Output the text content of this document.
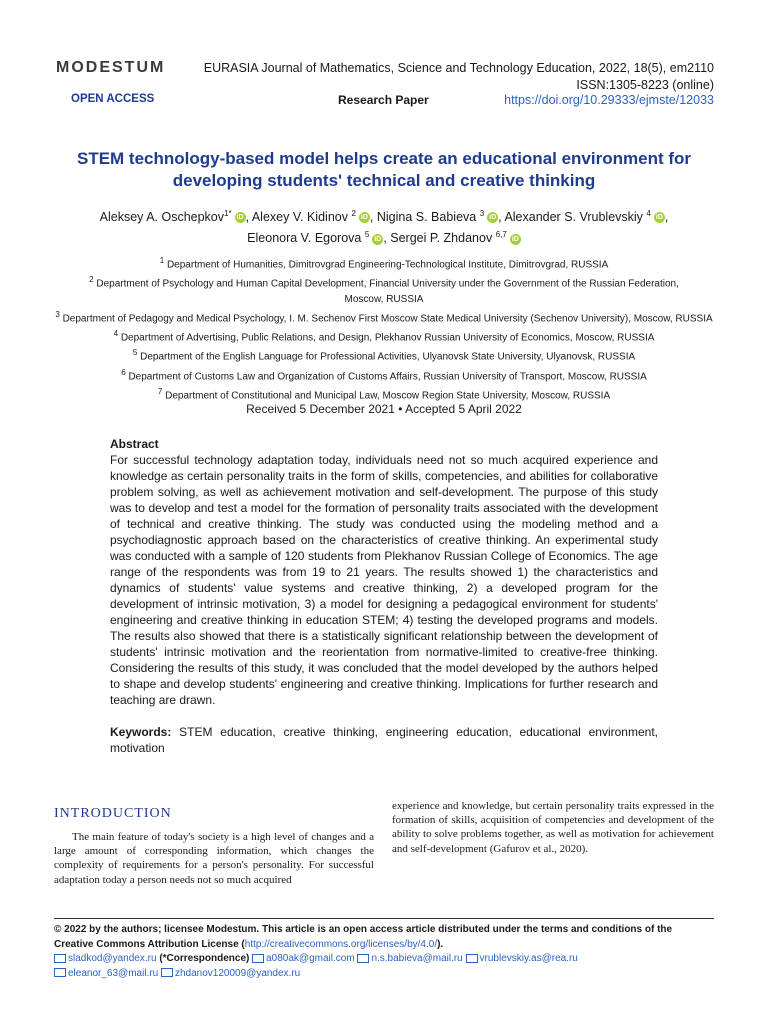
MODESTUM	EURASIA Journal of Mathematics, Science and Technology Education, 2022, 18(5), em2110
ISSN:1305-8223 (online)
OPEN ACCESS	Research Paper	https://doi.org/10.29333/ejmste/12033
STEM technology-based model helps create an educational environment for developing students' technical and creative thinking
Aleksey A. Oschepkov$^{1*}$ iD , Alexey V. Kidinov $^2$ iD , Nigina S. Babieva $^3$ iD , Alexander S. Vrublevskiy $^4$ iD ,
Eleonora V. Egorova $^5$ iD , Sergei P. Zhdanov $^{6,7}$ iD
$^1$ Department of Humanities, Dimitrovgrad Engineering-Technological Institute, Dimitrovgrad, RUSSIA
$^2$ Department of Psychology and Human Capital Development, Financial University under the Government of the Russian Federation, Moscow, RUSSIA
$^3$ Department of Pedagogy and Medical Psychology, I. M. Sechenov First Moscow State Medical University (Sechenov University), Moscow, RUSSIA
$^4$ Department of Advertising, Public Relations, and Design, Plekhanov Russian University of Economics, Moscow, RUSSIA
$^5$ Department of the English Language for Professional Activities, Ulyanovsk State University, Ulyanovsk, RUSSIA
$^6$ Department of Customs Law and Organization of Customs Affairs, Russian University of Transport, Moscow, RUSSIA
$^7$ Department of Constitutional and Municipal Law, Moscow Region State University, Moscow, RUSSIA
Received 5 December 2021 • Accepted 5 April 2022
Abstract

For successful technology adaptation today, individuals need not so much acquired experience and knowledge as certain personality traits in the form of skills, competencies, and abilities for collaborative problem solving, as well as achievement motivation and self-development. The purpose of this study was to develop and test a model for the formation of personality traits associated with the development of technical and creative thinking. The study was conducted using the modeling method and a psychodiagnostic approach based on the characteristics of creative thinking. An experimental study was conducted with a sample of 120 students from Plekhanov Russian College of Economics. The age range of the respondents was from 19 to 21 years. The results showed 1) the characteristics and dynamics of students' value systems and creative thinking, 2) a developed program for the development of intrinsic motivation, 3) a model for designing a pedagogical environment for students' engineering and creative thinking in education STEM; 4) testing the developed programs and models. The results also showed that there is a statistically significant relationship between the development of students' intrinsic motivation and the reorientation from normative-limited to creative-free thinking. Considering the results of this study, it was concluded that the model developed by the authors helped to shape and develop students' engineering and creative thinking. Implications for further research and teaching are drawn.

Keywords: STEM education, creative thinking, engineering education, educational environment, motivation

INTRODUCTION
The main feature of today's society is a high level of changes and a large amount of corresponding information, which changes the complexity of requirements for a person's personality. For successful adaptation today a person needs not so much acquired
experience and knowledge, but certain personality traits expressed in the formation of skills, acquisition of competencies and development of the ability to solve problems together, as well as motivation for achievement and self-development (Gafurov et al., 2020).
© 2022 by the authors; licensee Modestum. This article is an open access article distributed under the terms and conditions of the Creative Commons Attribution License (http://creativecommons.org/licenses/by/4.0/).
sladkod@yandex.ru (*Correspondence) a080ak@gmail.com n.s.babieva@mail.ru vrublevskiy.as@rea.ru
eleanor_63@mail.ru zhdanov120009@yandex.ru
